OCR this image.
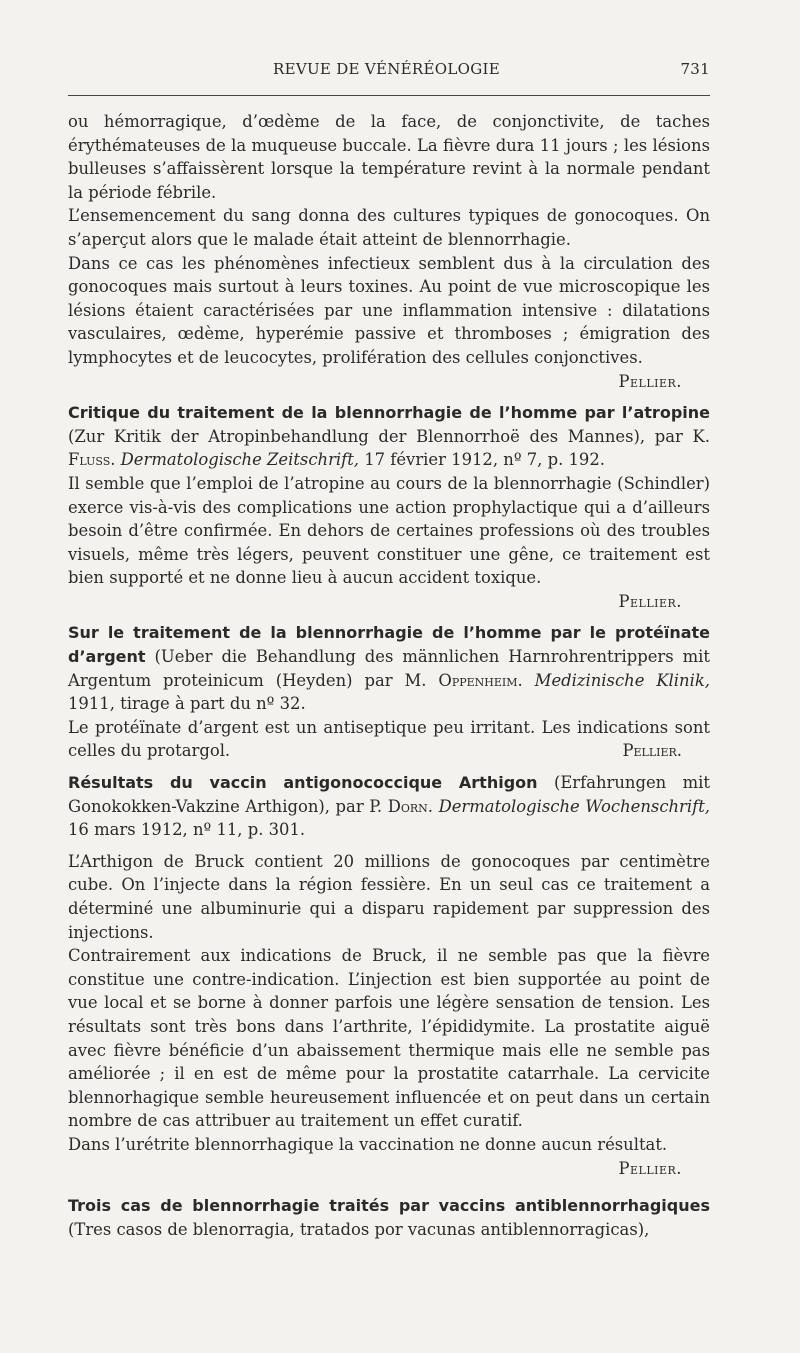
REVUE DE VÉNÉRÉOLOGIE	731

ou hémorragique, d’œdème de la face, de conjonctivite, de taches érythémateuses de la muqueuse buccale. La fièvre dura 11 jours ; les lésions bulleuses s’affaissèrent lorsque la température revint à la normale pendant la période fébrile.

L’ensemencement du sang donna des cultures typiques de gonocoques. On s’aperçut alors que le malade était atteint de blennorrhagie.

Dans ce cas les phénomènes infectieux semblent dus à la circulation des gonocoques mais surtout à leurs toxines. Au point de vue microscopique les lésions étaient caractérisées par une inflammation intensive : dilatations vasculaires, œdème, hyperémie passive et thromboses ; émigration des lymphocytes et de leucocytes, prolifération des cellules conjonctives.

Pellier.

Critique du traitement de la blennorrhagie de l’homme par l’atropine (Zur Kritik der Atropinbehandlung der Blennorrhoë des Mannes), par K. Fluss. Dermatologische Zeitschrift, 17 février 1912, nº 7, p. 192.

Il semble que l’emploi de l’atropine au cours de la blennorrhagie (Schindler) exerce vis-à-vis des complications une action prophylactique qui a d’ailleurs besoin d’être confirmée. En dehors de certaines professions où des troubles visuels, même très légers, peuvent constituer une gêne, ce traitement est bien supporté et ne donne lieu à aucun accident toxique.

Pellier.

Sur le traitement de la blennorrhagie de l’homme par le protéïnate d’argent (Ueber die Behandlung des männlichen Harnrohrentrippers mit Argentum proteinicum (Heyden) par M. Oppenheim. Medizinische Klinik, 1911, tirage à part du nº 32.

Le protéïnate d’argent est un antiseptique peu irritant. Les indications sont celles du protargol.	Pellier.

Résultats du vaccin antigonococcique Arthigon (Erfahrungen mit Gonokokken-Vakzine Arthigon), par P. Dorn. Dermatologische Wochenschrift, 16 mars 1912, nº 11, p. 301.

L’Arthigon de Bruck contient 20 millions de gonocoques par centimètre cube. On l’injecte dans la région fessière. En un seul cas ce traitement a déterminé une albuminurie qui a disparu rapidement par suppression des injections.

Contrairement aux indications de Bruck, il ne semble pas que la fièvre constitue une contre-indication. L’injection est bien supportée au point de vue local et se borne à donner parfois une légère sensation de tension. Les résultats sont très bons dans l’arthrite, l’épididymite. La prostatite aiguë avec fièvre bénéficie d’un abaissement thermique mais elle ne semble pas améliorée ; il en est de même pour la prostatite catarrhale. La cervicite blennorhagique semble heureusement influencée et on peut dans un certain nombre de cas attribuer au traitement un effet curatif.

Dans l’urétrite blennorrhagique la vaccination ne donne aucun résultat.

Pellier.

Trois cas de blennorrhagie traités par vaccins antiblennorrhagiques (Tres casos de blenorragia, tratados por vacunas antiblennorragicas),
